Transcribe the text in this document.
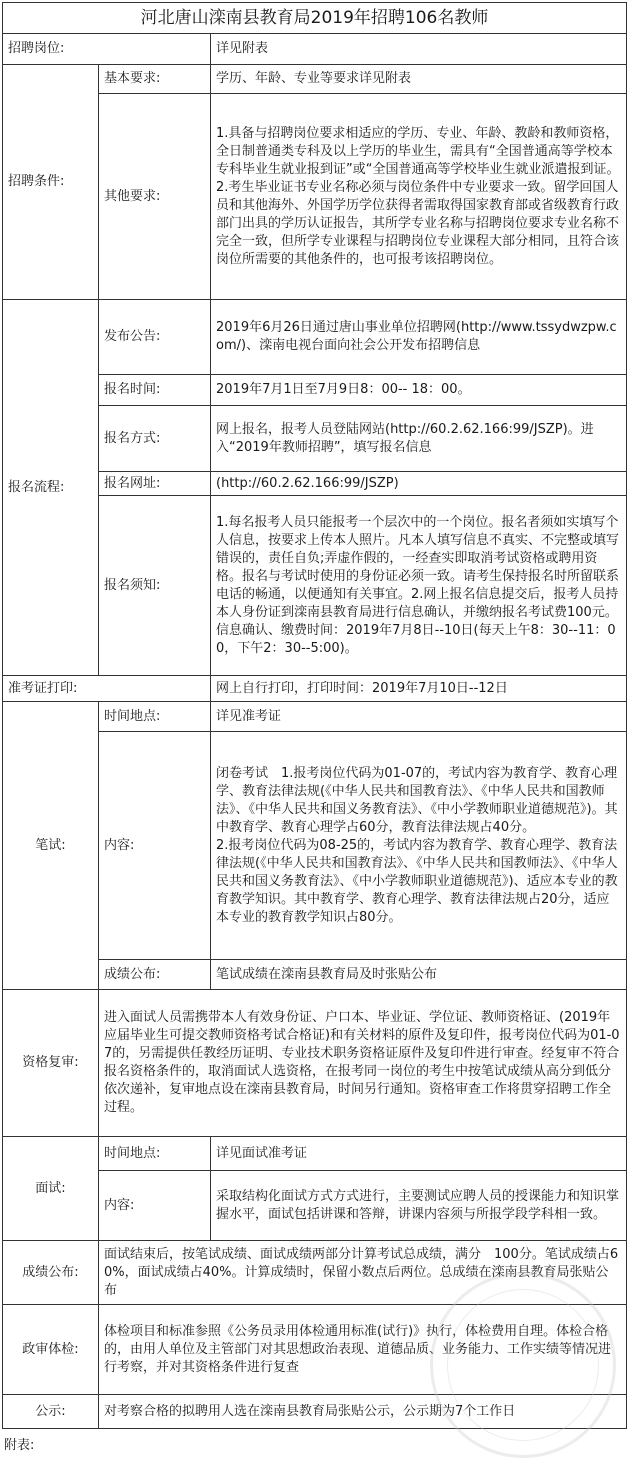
河北唐山滦南县教育局2019年招聘106名教师		
招聘岗位:		详见附表
招聘条件:	基本要求:	学历、年龄、专业等要求详见附表
	其他要求:	1.具备与招聘岗位要求相适应的学历、专业、年龄、教龄和教师资格，全日制普通类专科及以上学历的毕业生，需具有“全国普通高等学校本专科毕业生就业报到证”或“全国普通高等学校毕业生就业派遣报到证。2.考生毕业证书专业名称必须与岗位条件中专业要求一致。留学回国人员和其他海外、外国学历学位获得者需取得国家教育部或省级教育行政部门出具的学历认证报告，其所学专业名称与招聘岗位要求专业名称不完全一致，但所学专业课程与招聘岗位专业课程大部分相同，且符合该岗位所需要的其他条件的，也可报考该招聘岗位。
报名流程:	发布公告:	2019年6月26日通过唐山事业单位招聘网(http://www.tssydwzpw.com/)、滦南电视台面向社会公开发布招聘信息
	报名时间:	2019年7月1日至7月9日8：00-- 18：00。
	报名方式:	网上报名，报考人员登陆网站(http://60.2.62.166:99/JSZP)。进入“2019年教师招聘”，填写报名信息
	报名网址:	(http://60.2.62.166:99/JSZP)
	报名须知:	1.每名报考人员只能报考一个层次中的一个岗位。报名者须如实填写个人信息，按要求上传本人照片。凡本人填写信息不真实、不完整或填写错误的，责任自负;弄虚作假的，一经查实即取消考试资格或聘用资格。报名与考试时使用的身份证必须一致。请考生保持报名时所留联系电话的畅通，以便通知有关事宜。2.网上报名信息提交后，报考人员持本人身份证到滦南县教育局进行信息确认，并缴纳报名考试费100元。信息确认、缴费时间：2019年7月8日--10日(每天上午8：30--11：00，下午2：30--5:00)。
准考证打印:		网上自行打印，打印时间：2019年7月10日--12日
笔试:	时间地点:	详见准考证
	内容:	闭卷考试　1.报考岗位代码为01-07的，考试内容为教育学、教育心理学、教育法律法规(《中华人民共和国教育法》、《中华人民共和国教师法》、《中华人民共和国义务教育法》、《中小学教师职业道德规范》)。其中教育学、教育心理学占60分，教育法律法规占40分。
2.报考岗位代码为08-25的，考试内容为教育学、教育心理学、教育法律法规(《中华人民共和国教育法》、《中华人民共和国教师法》、《中华人民共和国义务教育法》、《中小学教师职业道德规范》)、适应本专业的教育教学知识。其中教育学、教育心理学、教育法律法规占20分，适应本专业的教育教学知识占80分。

	成绩公布:	笔试成绩在滦南县教育局及时张贴公布
资格复审:	进入面试人员需携带本人有效身份证、户口本、毕业证、学位证、教师资格证、(2019年应届毕业生可提交教师资格考试合格证)和有关材料的原件及复印件，报考岗位代码为01-07的，另需提供任教经历证明、专业技术职务资格证原件及复印件进行审查。经复审不符合报名资格条件的，取消面试人选资格，在报考同一岗位的考生中按笔试成绩从高分到低分依次递补，复审地点设在滦南县教育局，时间另行通知。资格审查工作将贯穿招聘工作全过程。	
面试:	时间地点:	详见面试准考证
	内容:	采取结构化面试方式方式进行，主要测试应聘人员的授课能力和知识掌握水平，面试包括讲课和答辩，讲课内容须与所报学段学科相一致。
成绩公布:	面试结束后，按笔试成绩、面试成绩两部分计算考试总成绩，满分　100分。笔试成绩占60%，面试成绩占40%。计算成绩时，保留小数点后两位。总成绩在滦南县教育局张贴公布	
政审体检:	体检项目和标准参照《公务员录用体检通用标准(试行)》执行，体检费用自理。体检合格的，由用人单位及主管部门对其思想政治表现、道德品质、业务能力、工作实绩等情况进行考察，并对其资格条件进行复查	
公示:	对考察合格的拟聘用人选在滦南县教育局张贴公示，公示期为7个工作日	
附表:
